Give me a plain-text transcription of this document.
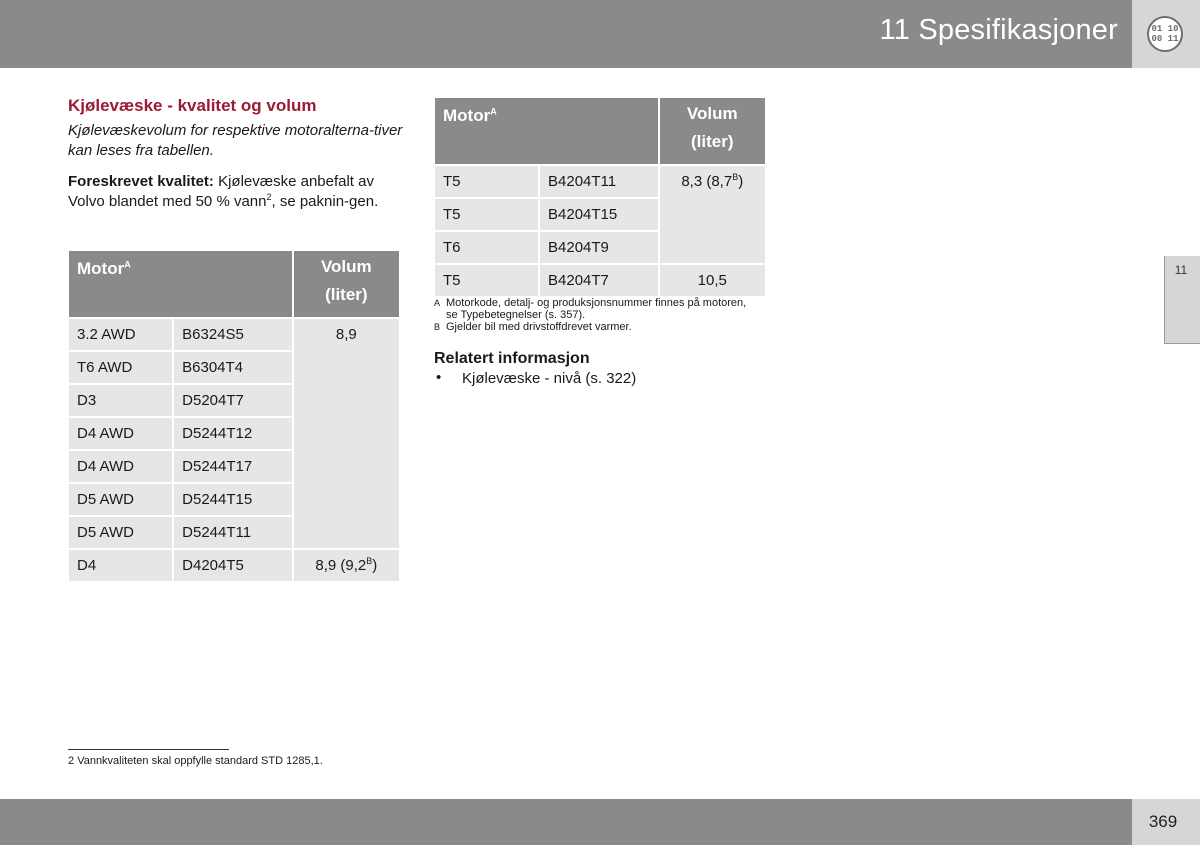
11 Spesifikasjoner	01 10
00 11
11
Kjølevæske - kvalitet og volum
Kjølevæskevolum for respektive motoralterna-tiver kan leses fra tabellen.
Foreskrevet kvalitet: Kjølevæske anbefalt av Volvo blandet med 50 % vann$^2$, se paknin-gen.
Motor$^A$		Volum
(liter)
3.2 AWD	B6324S5	8,9
T6 AWD	B6304T4	
D3	D5204T7	
D4 AWD	D5244T12	
D4 AWD	D5244T17	
D5 AWD	D5244T15	
D5 AWD	D5244T11	
D4	D4204T5	8,9 $(9,2^B)$
Motor$^A$		Volum
(liter)
T5	B4204T11	8,3 $(8,7^B)$
T5	B4204T15	
T6	B4204T9	
T5	B4204T7	10,5
A Motorkode, detalj- og produksjonsnummer finnes på motoren, se Typebetegnelser (s. 357).
B Gjelder bil med drivstoffdrevet varmer.
Relatert informasjon
• Kjølevæske - nivå (s. 322)
2 Vannkvaliteten skal oppfylle standard STD 1285,1.
369
